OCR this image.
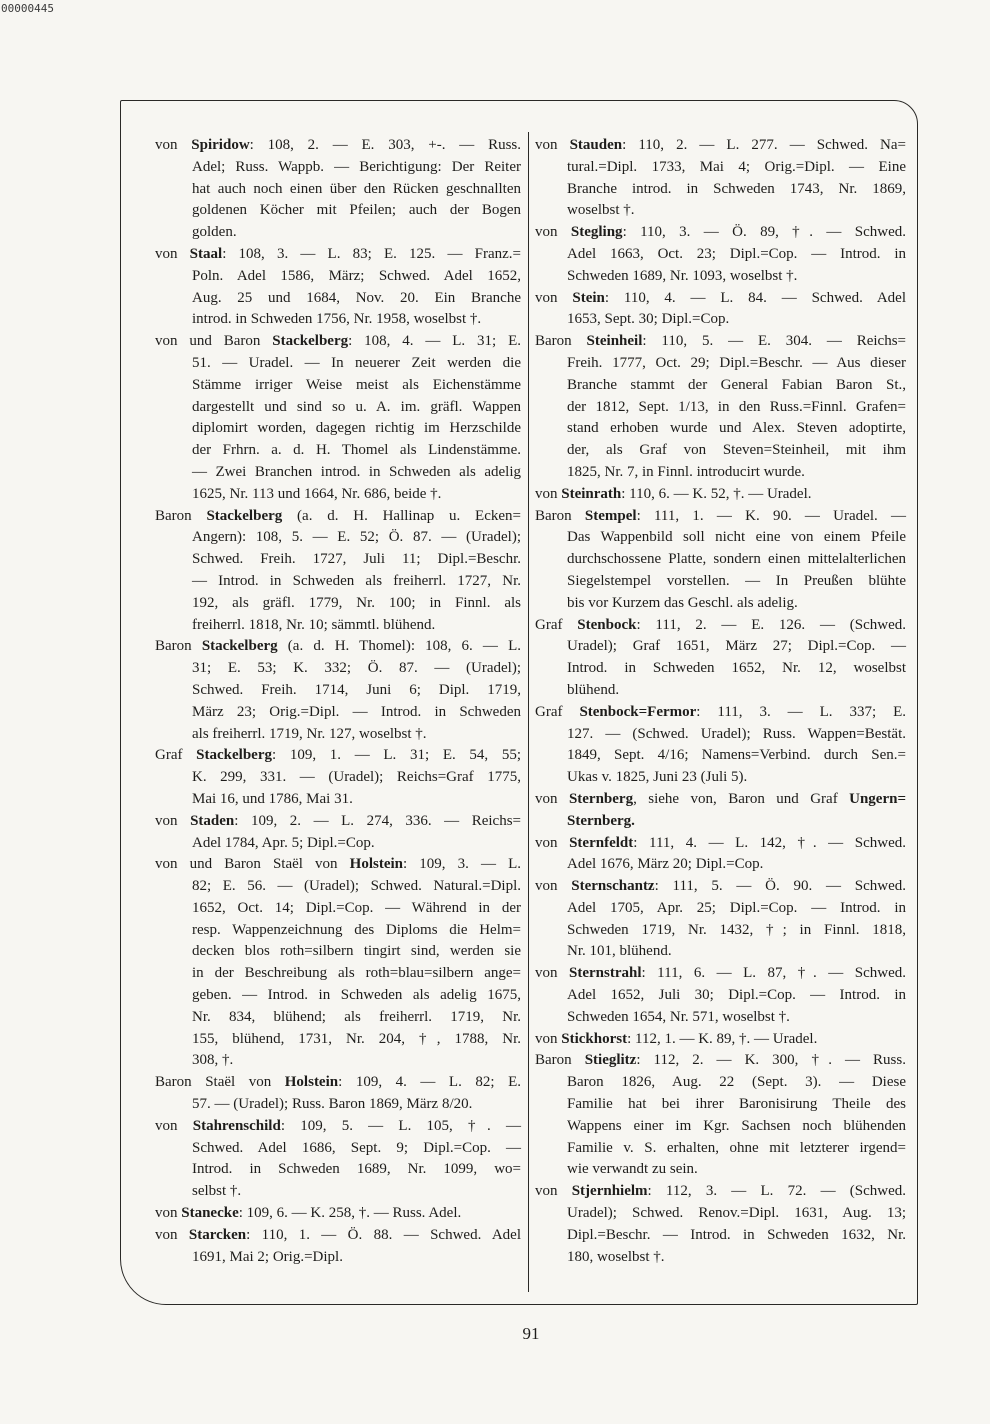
00000445
von Spiridow: 108, 2. — E. 303, +-. — Russ.
Adel; Russ. Wappb. — Berichtigung: Der Reiter
hat auch noch einen über den Rücken geschnallten
goldenen Köcher mit Pfeilen; auch der Bogen
golden.
von Staal: 108, 3. — L. 83; E. 125. — Franz.=
Poln. Adel 1586, März; Schwed. Adel 1652,
Aug. 25 und 1684, Nov. 20. Ein Branche
introd. in Schweden 1756, Nr. 1958, woselbst †.
von und Baron Stackelberg: 108, 4. — L. 31; E.
51. — Uradel. — In neuerer Zeit werden die
Stämme irriger Weise meist als Eichenstämme
dargestellt und sind so u. A. im. gräfl. Wappen
diplomirt worden, dagegen richtig im Herzschilde
der Frhrn. a. d. H. Thomel als Lindenstämme.
— Zwei Branchen introd. in Schweden als adelig
1625, Nr. 113 und 1664, Nr. 686, beide †.
Baron Stackelberg (a. d. H. Hallinap u. Ecken=
Angern): 108, 5. — E. 52; Ö. 87. — (Uradel);
Schwed. Freih. 1727, Juli 11; Dipl.=Beschr.
— Introd. in Schweden als freiherrl. 1727, Nr.
192, als gräfl. 1779, Nr. 100; in Finnl. als
freiherrl. 1818, Nr. 10; sämmtl. blühend.
Baron Stackelberg (a. d. H. Thomel): 108, 6. — L.
31; E. 53; K. 332; Ö. 87. — (Uradel);
Schwed. Freih. 1714, Juni 6; Dipl. 1719,
März 23; Orig.=Dipl. — Introd. in Schweden
als freiherrl. 1719, Nr. 127, woselbst †.
Graf Stackelberg: 109, 1. — L. 31; E. 54, 55;
K. 299, 331. — (Uradel); Reichs=Graf 1775,
Mai 16, und 1786, Mai 31.
von Staden: 109, 2. — L. 274, 336. — Reichs=
Adel 1784, Apr. 5; Dipl.=Cop.
von und Baron Staël von Holstein: 109, 3. — L.
82; E. 56. — (Uradel); Schwed. Natural.=Dipl.
1652, Oct. 14; Dipl.=Cop. — Während in der
resp. Wappenzeichnung des Diploms die Helm=
decken blos roth=silbern tingirt sind, werden sie
in der Beschreibung als roth=blau=silbern ange=
geben. — Introd. in Schweden als adelig 1675,
Nr. 834, blühend; als freiherrl. 1719, Nr.
155, blühend, 1731, Nr. 204, †, 1788, Nr.
308, †.
Baron Staël von Holstein: 109, 4. — L. 82; E.
57. — (Uradel); Russ. Baron 1869, März 8/20.
von Stahrenschild: 109, 5. — L. 105, †. —
Schwed. Adel 1686, Sept. 9; Dipl.=Cop. —
Introd. in Schweden 1689, Nr. 1099, wo=
selbst †.
von Stanecke: 109, 6. — K. 258, †. — Russ. Adel.
von Starcken: 110, 1. — Ö. 88. — Schwed. Adel
1691, Mai 2; Orig.=Dipl.
von Stauden: 110, 2. — L. 277. — Schwed. Na=
tural.=Dipl. 1733, Mai 4; Orig.=Dipl. — Eine
Branche introd. in Schweden 1743, Nr. 1869,
woselbst †.
von Stegling: 110, 3. — Ö. 89, †. — Schwed.
Adel 1663, Oct. 23; Dipl.=Cop. — Introd. in
Schweden 1689, Nr. 1093, woselbst †.
von Stein: 110, 4. — L. 84. — Schwed. Adel
1653, Sept. 30; Dipl.=Cop.
Baron Steinheil: 110, 5. — E. 304. — Reichs=
Freih. 1777, Oct. 29; Dipl.=Beschr. — Aus dieser
Branche stammt der General Fabian Baron St.,
der 1812, Sept. 1/13, in den Russ.=Finnl. Grafen=
stand erhoben wurde und Alex. Steven adoptirte,
der, als Graf von Steven=Steinheil, mit ihm
1825, Nr. 7, in Finnl. introducirt wurde.
von Steinrath: 110, 6. — K. 52, †. — Uradel.
Baron Stempel: 111, 1. — K. 90. — Uradel. —
Das Wappenbild soll nicht eine von einem Pfeile
durchschossene Platte, sondern einen mittelalterlichen
Siegelstempel vorstellen. — In Preußen blühte
bis vor Kurzem das Geschl. als adelig.
Graf Stenbock: 111, 2. — E. 126. — (Schwed.
Uradel); Graf 1651, März 27; Dipl.=Cop. —
Introd. in Schweden 1652, Nr. 12, woselbst
blühend.
Graf Stenbock=Fermor: 111, 3. — L. 337; E.
127. — (Schwed. Uradel); Russ. Wappen=Bestät.
1849, Sept. 4/16; Namens=Verbind. durch Sen.=
Ukas v. 1825, Juni 23 (Juli 5).
von Sternberg, siehe von, Baron und Graf Ungern=
Sternberg.
von Sternfeldt: 111, 4. — L. 142, †. — Schwed.
Adel 1676, März 20; Dipl.=Cop.
von Sternschantz: 111, 5. — Ö. 90. — Schwed.
Adel 1705, Apr. 25; Dipl.=Cop. — Introd. in
Schweden 1719, Nr. 1432, †; in Finnl. 1818,
Nr. 101, blühend.
von Sternstrahl: 111, 6. — L. 87, †. — Schwed.
Adel 1652, Juli 30; Dipl.=Cop. — Introd. in
Schweden 1654, Nr. 571, woselbst †.
von Stickhorst: 112, 1. — K. 89, †. — Uradel.
Baron Stieglitz: 112, 2. — K. 300, †. — Russ.
Baron 1826, Aug. 22 (Sept. 3). — Diese
Familie hat bei ihrer Baronisirung Theile des
Wappens einer im Kgr. Sachsen noch blühenden
Familie v. S. erhalten, ohne mit letzterer irgend=
wie verwandt zu sein.
von Stjernhielm: 112, 3. — L. 72. — (Schwed.
Uradel); Schwed. Renov.=Dipl. 1631, Aug. 13;
Dipl.=Beschr. — Introd. in Schweden 1632, Nr.
180, woselbst †.
91
